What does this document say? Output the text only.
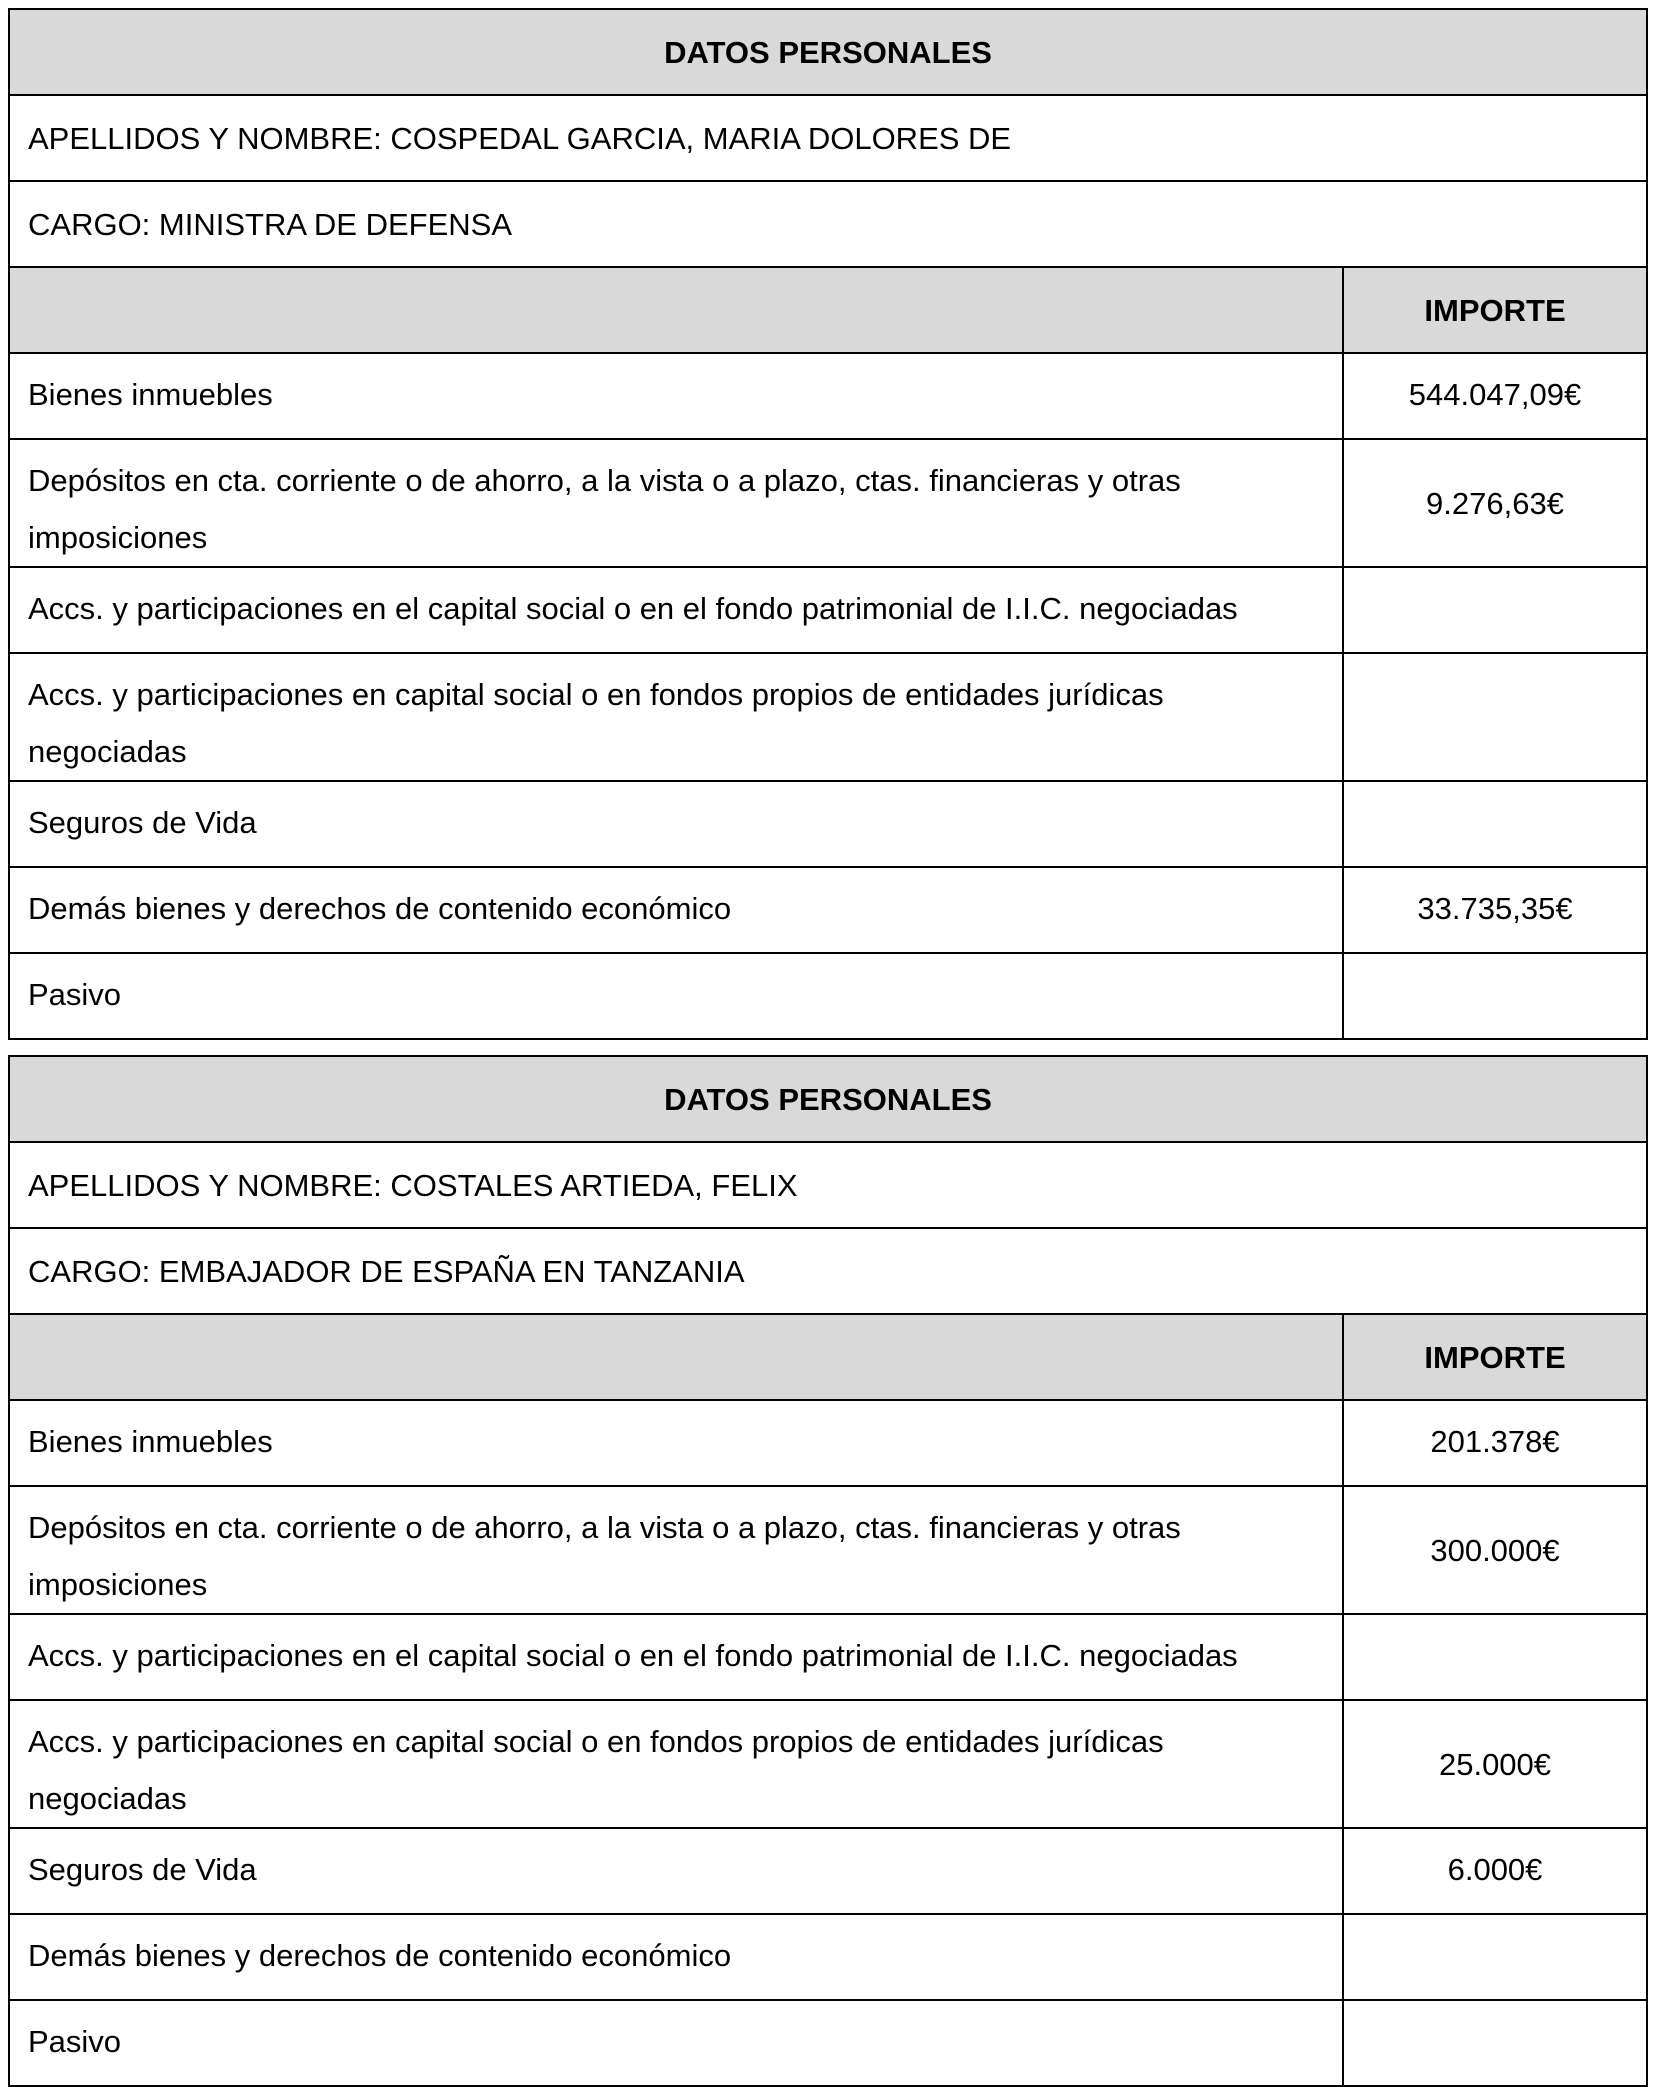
DATOS PERSONALES	
APELLIDOS Y NOMBRE: COSPEDAL GARCIA, MARIA DOLORES DE	
CARGO: MINISTRA DE DEFENSA	
	IMPORTE
Bienes inmuebles	544.047,09€
Depósitos en cta. corriente o de ahorro, a la vista o a plazo, ctas. financieras y otras imposiciones	9.276,63€
Accs. y participaciones en el capital social o en el fondo patrimonial de I.I.C. negociadas	
Accs. y participaciones en capital social o en fondos propios de entidades jurídicas negociadas	
Seguros de Vida	
Demás bienes y derechos de contenido económico	33.735,35€
Pasivo	
DATOS PERSONALES	
APELLIDOS Y NOMBRE: COSTALES ARTIEDA, FELIX	
CARGO: EMBAJADOR DE ESPAÑA EN TANZANIA	
	IMPORTE
Bienes inmuebles	201.378€
Depósitos en cta. corriente o de ahorro, a la vista o a plazo, ctas. financieras y otras imposiciones	300.000€
Accs. y participaciones en el capital social o en el fondo patrimonial de I.I.C. negociadas	
Accs. y participaciones en capital social o en fondos propios de entidades jurídicas negociadas	25.000€
Seguros de Vida	6.000€
Demás bienes y derechos de contenido económico	
Pasivo	
